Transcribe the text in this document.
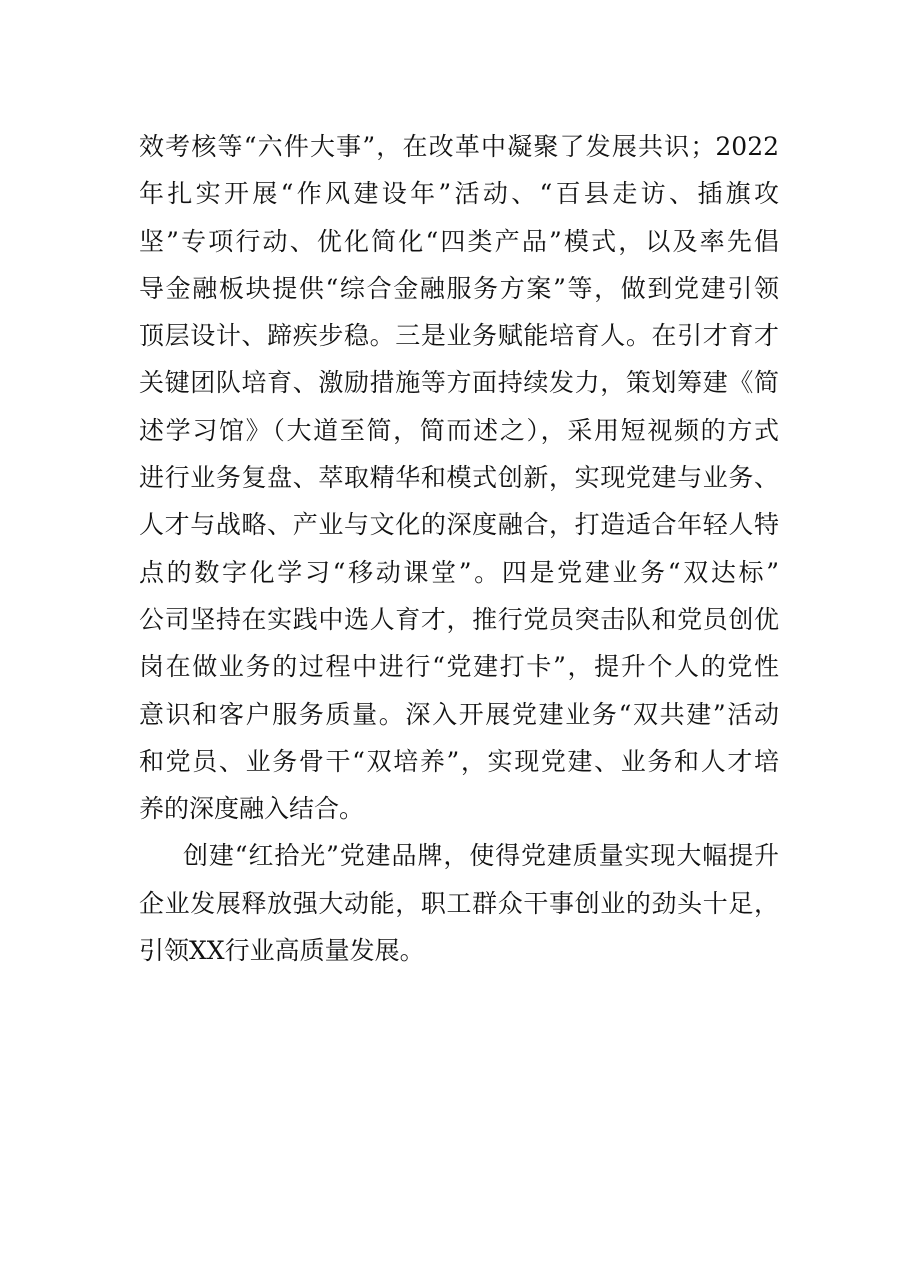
效考核等“六件大事”，在改革中凝聚了发展共识；2022
年扎实开展“作风建设年”活动、“百县走访、插旗攻
坚”专项行动、优化简化“四类产品”模式，以及率先倡
导金融板块提供“综合金融服务方案”等，做到党建引领
顶层设计、蹄疾步稳。三是业务赋能培育人。在引才育才
关键团队培育、激励措施等方面持续发力，策划筹建《简
述学习馆》（大道至简，简而述之），采用短视频的方式
进行业务复盘、萃取精华和模式创新，实现党建与业务、
人才与战略、产业与文化的深度融合，打造适合年轻人特
点的数字化学习“移动课堂”。四是党建业务“双达标”
公司坚持在实践中选人育才，推行党员突击队和党员创优
岗在做业务的过程中进行“党建打卡”，提升个人的党性
意识和客户服务质量。深入开展党建业务“双共建”活动
和党员、业务骨干“双培养”，实现党建、业务和人才培
养的深度融入结合。
创建“红拾光”党建品牌，使得党建质量实现大幅提升
企业发展释放强大动能，职工群众干事创业的劲头十足，
引领XX行业高质量发展。
